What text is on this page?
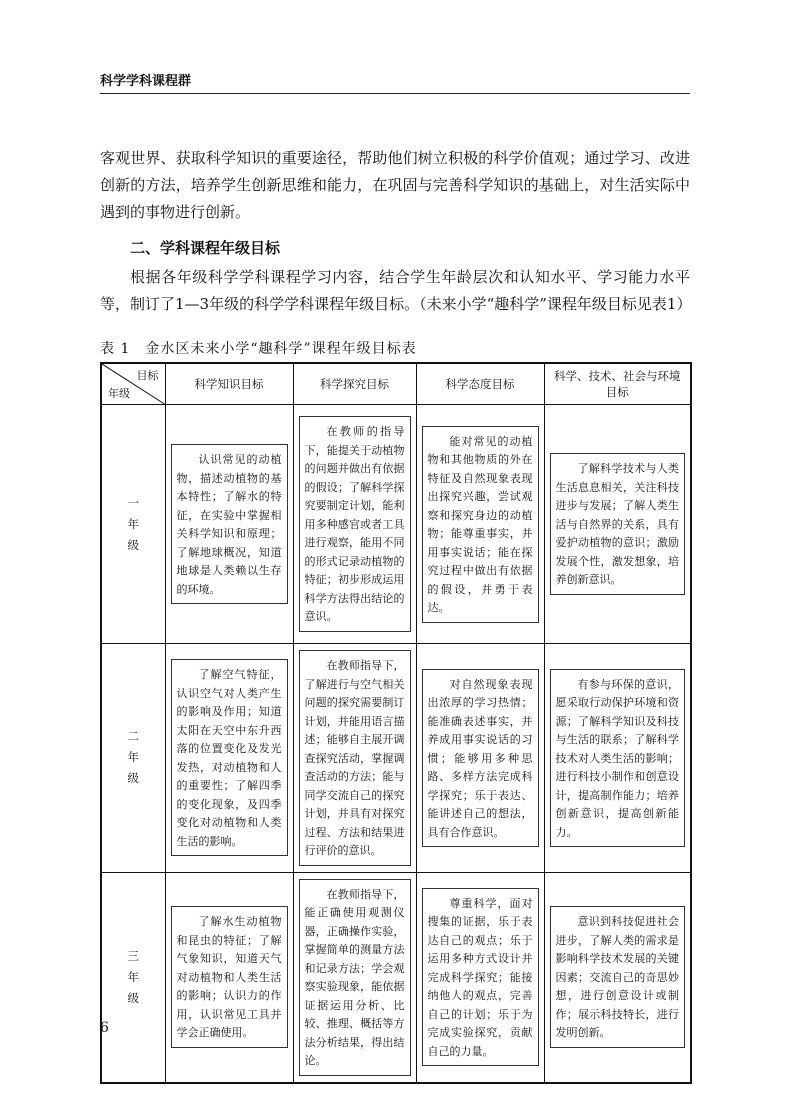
科学学科课程群

客观世界、获取科学知识的重要途径，帮助他们树立积极的科学价值观；通过学习、改进创新的方法，培养学生创新思维和能力，在巩固与完善科学知识的基础上，对生活实际中遇到的事物进行创新。

二、学科课程年级目标

根据各年级科学学科课程学习内容，结合学生年龄层次和认知水平、学习能力水平等，制订了1—3年级的科学学科课程年级目标。（未来小学“趣科学”课程年级目标见表1）

表 1　金水区未来小学“趣科学”课程年级目标表
目标
年级	科学知识目标	科学探究目标	科学态度目标	科学、技术、社会与环境目标

一
年
级	认识常见的动植物，描述动植物的基本特性；了解水的特征，在实验中掌握相关科学知识和原理；了解地球概况，知道地球是人类赖以生存的环境。	在教师的指导下，能提关于动植物的问题并做出有依据的假设；了解科学探究要制定计划，能利用多种感官或者工具进行观察，能用不同的形式记录动植物的特征；初步形成运用科学方法得出结论的意识。	能对常见的动植物和其他物质的外在特征及自然现象表现出探究兴趣，尝试观察和探究身边的动植物；能尊重事实，并用事实说话；能在探究过程中做出有依据的假设，并勇于表达。	了解科学技术与人类生活息息相关，关注科技进步与发展；了解人类生活与自然界的关系，具有爱护动植物的意识；激励发展个性，激发想象，培养创新意识。

二
年
级	了解空气特征，认识空气对人类产生的影响及作用；知道太阳在天空中东升西落的位置变化及发光发热，对动植物和人的重要性；了解四季的变化现象，及四季变化对动植物和人类生活的影响。	在教师指导下，了解进行与空气相关问题的探究需要制订计划，并能用语言描述；能够自主展开调查探究活动，掌握调查活动的方法；能与同学交流自己的探究计划，并具有对探究过程、方法和结果进行评价的意识。	对自然现象表现出浓厚的学习热情；能准确表述事实，并养成用事实说话的习惯；能够用多种思路、多样方法完成科学探究；乐于表达、能讲述自己的想法，具有合作意识。	有参与环保的意识，愿采取行动保护环境和资源；了解科学知识及科技与生活的联系；了解科学技术对人类生活的影响；进行科技小制作和创意设计，提高制作能力；培养创新意识，提高创新能力。

三
年
级	了解水生动植物和昆虫的特征；了解气象知识，知道天气对动植物和人类生活的影响；认识力的作用，认识常见工具并学会正确使用。	在教师指导下，能正确使用观测仪器，正确操作实验，掌握简单的测量方法和记录方法；学会观察实验现象，能依据证据运用分析、比较、推理、概括等方法分析结果，得出结论。	尊重科学，面对搜集的证据，乐于表达自己的观点；乐于运用多种方式设计并完成科学探究；能接纳他人的观点，完善自己的计划；乐于为完成实验探究，贡献自己的力量。	意识到科技促进社会进步，了解人类的需求是影响科学技术发展的关键因素；交流自己的奇思妙想，进行创意设计或制作；展示科技特长，进行发明创新。
6
